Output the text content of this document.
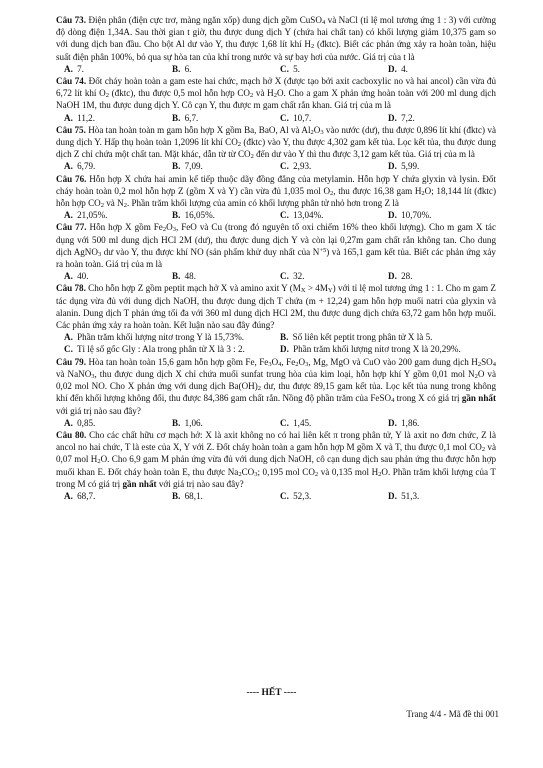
Câu 73. Điện phân (điện cực trơ, màng ngăn xốp) dung dịch gồm CuSO$_4$ và NaCl (tỉ lệ mol tương ứng 1 : 3) với cường độ dòng điện 1,34A. Sau thời gian t giờ, thu được dung dịch Y (chứa hai chất tan) có khối lượng giảm 10,375 gam so với dung dịch ban đầu. Cho bột Al dư vào Y, thu được 1,68 lít khí $H_2$ (đktc). Biết các phản ứng xảy ra hoàn toàn, hiệu suất điện phân 100%, bỏ qua sự hòa tan của khí trong nước và sự bay hơi của nước. Giá trị của t là

A. 7.	B. 6.	C. 5.	D. 4.

Câu 74. Đốt cháy hoàn toàn a gam este hai chức, mạch hở X (được tạo bởi axit cacboxylic no và hai ancol) cần vừa đủ 6,72 lít khí $O_2$ (đktc), thu được 0,5 mol hỗn hợp $CO_2$ và $H_2O$. Cho a gam X phản ứng hoàn toàn với 200 ml dung dịch NaOH 1M, thu được dung dịch Y. Cô cạn Y, thu được m gam chất rắn khan. Giá trị của m là

A. 11,2.	B. 6,7.	C. 10,7.	D. 7,2.

Câu 75. Hòa tan hoàn toàn m gam hỗn hợp X gồm Ba, BaO, Al và $Al_2O_3$ vào nước (dư), thu được 0,896 lít khí (đktc) và dung dịch Y. Hấp thụ hoàn toàn 1,2096 lít khí $CO_2$ (đktc) vào Y, thu được 4,302 gam kết tủa. Lọc kết tủa, thu được dung dịch Z chỉ chứa một chất tan. Mặt khác, dẫn từ từ $CO_2$ đến dư vào Y thì thu được 3,12 gam kết tủa. Giá trị của m là

A. 6,79.	B. 7,09.	C. 2,93.	D. 5,99.

Câu 76. Hỗn hợp X chứa hai amin kế tiếp thuộc dãy đồng đẳng của metylamin. Hỗn hợp Y chứa glyxin và lysin. Đốt cháy hoàn toàn 0,2 mol hỗn hợp Z (gồm X và Y) cần vừa đủ 1,035 mol $O_2$, thu được 16,38 gam $H_2O$; 18,144 lít (đktc) hỗn hợp $CO_2$ và $N_2$. Phần trăm khối lượng của amin có khối lượng phân tử nhỏ hơn trong Z là

A. 21,05%.	B. 16,05%.	C. 13,04%.	D. 10,70%.

Câu 77. Hỗn hợp X gồm $Fe_2O_3$, FeO và Cu (trong đó nguyên tố oxi chiếm 16% theo khối lượng). Cho m gam X tác dụng với 500 ml dung dịch HCl 2M (dư), thu được dung dịch Y và còn lại 0,27m gam chất rắn không tan. Cho dung dịch AgNO$_3$ dư vào Y, thu được khí NO (sản phẩm khử duy nhất của $N^{+5}$) và 165,1 gam kết tủa. Biết các phản ứng xảy ra hoàn toàn. Giá trị của m là

A. 40.	B. 48.	C. 32.	D. 28.

Câu 78. Cho hỗn hợp Z gồm peptit mạch hở X và amino axit Y $(M_X > 4M_Y)$ với tỉ lệ mol tương ứng 1 : 1. Cho m gam Z tác dụng vừa đủ với dung dịch NaOH, thu được dung dịch T chứa (m + 12,24) gam hỗn hợp muối natri của glyxin và alanin. Dung dịch T phản ứng tối đa với 360 ml dung dịch HCl 2M, thu được dung dịch chứa 63,72 gam hỗn hợp muối. Các phản ứng xảy ra hoàn toàn. Kết luận nào sau đây đúng?

A. Phần trăm khối lượng nitơ trong Y là 15,73%.	B. Số liên kết peptit trong phân tử X là 5.
C. Tỉ lệ số gốc Gly : Ala trong phân tử X là 3 : 2.	D. Phần trăm khối lượng nitơ trong X là 20,29%.

Câu 79. Hòa tan hoàn toàn 15,6 gam hỗn hợp gồm Fe, $Fe_3O_4$, $Fe_2O_3$, Mg, MgO và CuO vào 200 gam dung dịch $H_2SO_4$ và NaNO$_3$, thu được dung dịch X chỉ chứa muối sunfat trung hòa của kim loại, hỗn hợp khí Y gồm 0,01 mol $N_2O$ và 0,02 mol NO. Cho X phản ứng với dung dịch $Ba(OH)_2$ dư, thu được 89,15 gam kết tủa. Lọc kết tủa nung trong không khí đến khối lượng không đổi, thu được 84,386 gam chất rắn. Nồng độ phần trăm của FeSO$_4$ trong X có giá trị gần nhất với giá trị nào sau đây?

A. 0,85.	B. 1,06.	C. 1,45.	D. 1,86.

Câu 80. Cho các chất hữu cơ mạch hở: X là axit không no có hai liên kết π trong phân tử, Y là axit no đơn chức, Z là ancol no hai chức, T là este của X, Y với Z. Đốt cháy hoàn toàn a gam hỗn hợp M gồm X và T, thu được 0,1 mol $CO_2$ và 0,07 mol $H_2O$. Cho 6,9 gam M phản ứng vừa đủ với dung dịch NaOH, cô cạn dung dịch sau phản ứng thu được hỗn hợp muối khan E. Đốt cháy hoàn toàn E, thu được $Na_2CO_3$; 0,195 mol $CO_2$ và 0,135 mol $H_2O$. Phần trăm khối lượng của T trong M có giá trị gần nhất với giá trị nào sau đây?

A. 68,7.	B. 68,1.	C. 52,3.	D. 51,3.
---- HẾT ----
Trang 4/4 - Mã đề thi 001
